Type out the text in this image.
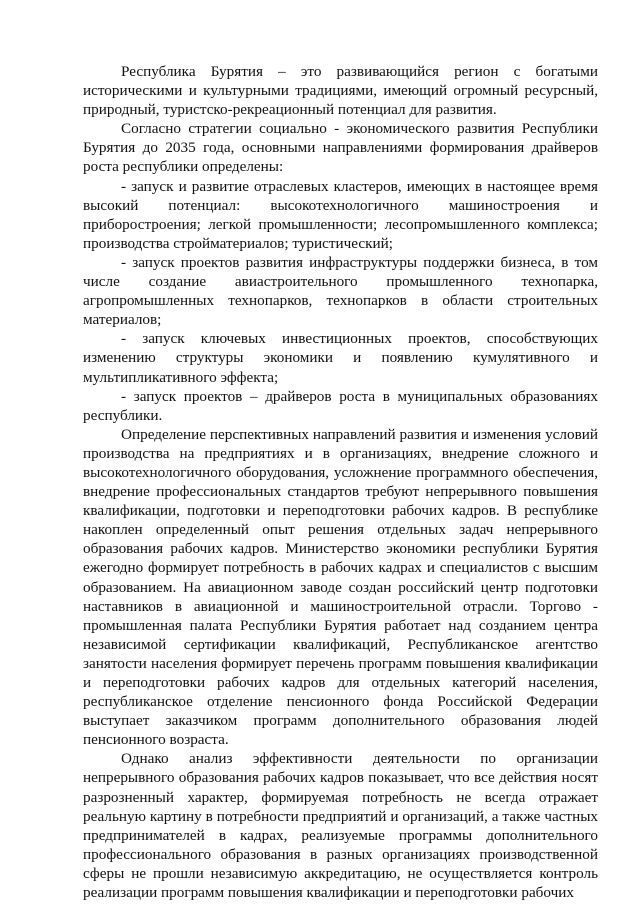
Республика Бурятия – это развивающийся регион с богатыми историческими и культурными традициями, имеющий огромный ресурсный, природный, туристско-рекреационный потенциал для развития.

Согласно стратегии социально - экономического развития Республики Бурятия до 2035 года, основными направлениями формирования драйверов роста республики определены:

- запуск и развитие отраслевых кластеров, имеющих в настоящее время высокий потенциал: высокотехнологичного машиностроения и приборостроения; легкой промышленности; лесопромышленного комплекса; производства стройматериалов; туристический;

- запуск проектов развития инфраструктуры поддержки бизнеса, в том числе создание авиастроительного промышленного технопарка, агропромышленных технопарков, технопарков в области строительных материалов;

- запуск ключевых инвестиционных проектов, способствующих изменению структуры экономики и появлению кумулятивного и мультипликативного эффекта;

- запуск проектов – драйверов роста в муниципальных образованиях республики.

Определение перспективных направлений развития и изменения условий производства на предприятиях и в организациях, внедрение сложного и высокотехнологичного оборудования, усложнение программного обеспечения, внедрение профессиональных стандартов требуют непрерывного повышения квалификации, подготовки и переподготовки рабочих кадров. В республике накоплен определенный опыт решения отдельных задач непрерывного образования рабочих кадров. Министерство экономики республики Бурятия ежегодно формирует потребность в рабочих кадрах и специалистов с высшим образованием. На авиационном заводе создан российский центр подготовки наставников в авиационной и машиностроительной отрасли. Торгово - промышленная палата Республики Бурятия работает над созданием центра независимой сертификации квалификаций, Республиканское агентство занятости населения формирует перечень программ повышения квалификации и переподготовки рабочих кадров для отдельных категорий населения, республиканское отделение пенсионного фонда Российской Федерации выступает заказчиком программ дополнительного образования людей пенсионного возраста.

Однако анализ эффективности деятельности по организации непрерывного образования рабочих кадров показывает, что все действия носят разрозненный характер, формируемая потребность не всегда отражает реальную картину в потребности предприятий и организаций, а также частных предпринимателей в кадрах, реализуемые программы дополнительного профессионального образования в разных организациях производственной сферы не прошли независимую аккредитацию, не осуществляется контроль реализации программ повышения квалификации и переподготовки рабочих
